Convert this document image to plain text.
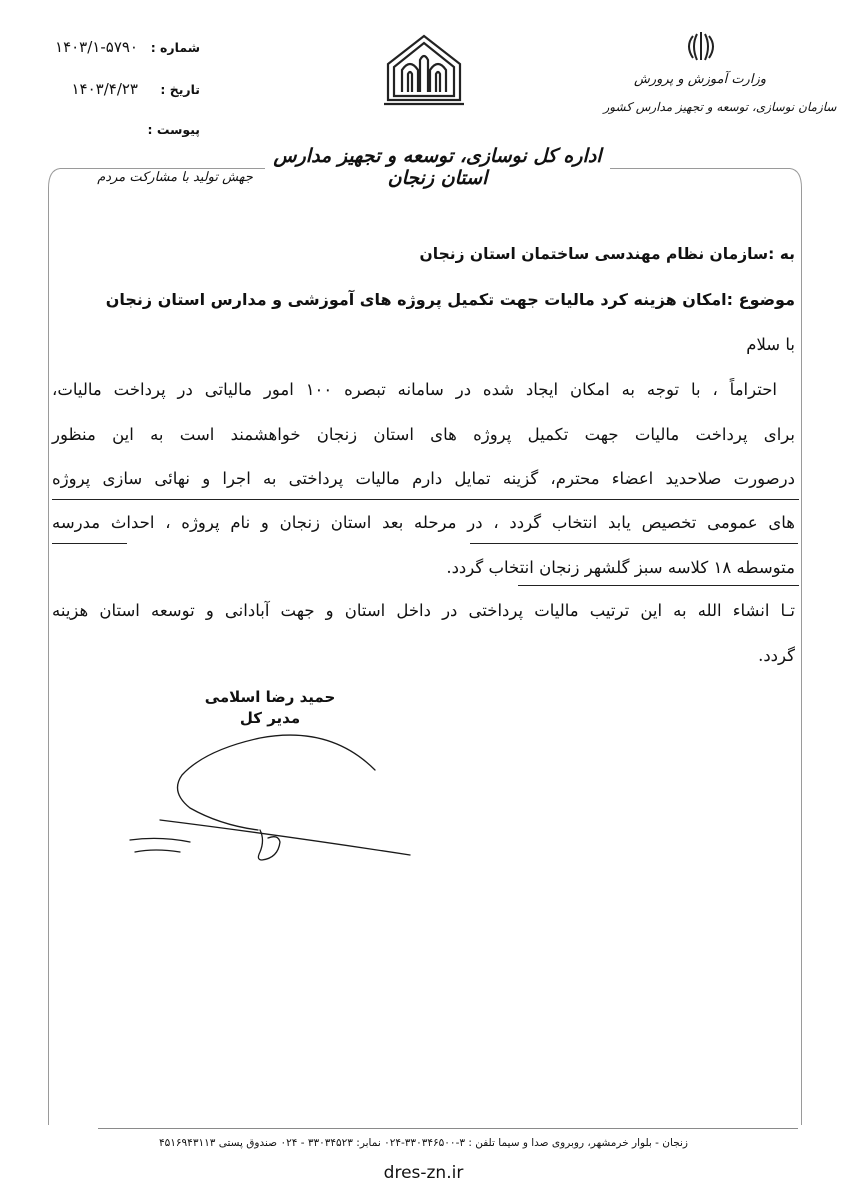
شماره :
۱۴۰۳/۱-۵۷۹۰
تاریخ :
۱۴۰۳/۴/۲۳
پیوست :
وزارت آموزش و پرورش
سازمان نوسازی، توسعه و تجهیز مدارس کشور
اداره کل نوسازی، توسعه و تجهیز مدارس استان زنجان
جهش تولید با مشارکت مردم
به :سازمان نظام مهندسی ساختمان استان زنجان
موضوع :امکان هزینه کرد مالیات جهت تکمیل پروژه های آموزشی و مدارس استان زنجان
با سلام
احتراماً ، با توجه به امکان ایجاد شده در سامانه تبصره ۱۰۰ امور مالیاتی در پرداخت مالیات،
برای پرداخت مالیات جهت تکمیل پروژه های استان زنجان خواهشمند است به این منظور
درصورت صلاحدید اعضاء محترم، گزینه تمایل دارم مالیات پرداختی به اجرا و نهائی سازی پروژه
های عمومی تخصیص یابد انتخاب گردد ، در مرحله بعد استان زنجان و نام پروژه ، احداث مدرسه
متوسطه ۱۸ کلاسه سبز گلشهر زنجان انتخاب گردد.
تـا انشاء الله به این ترتیب مالیات پرداختی در داخل استان و جهت آبادانی و توسعه استان هزینه
گردد.
حمید رضا اسلامی
مدیر کل
زنجان - بلوار خرمشهر، روبروی صدا و سیما تلفن : ۳-۳۳۰۳۴۶۵۰۰-۰۲۴ نمابر: ۳۳۰۳۴۵۲۳ - ۰۲۴ صندوق پستی ۴۵۱۶۹۴۳۱۱۳
dres-zn.ir
